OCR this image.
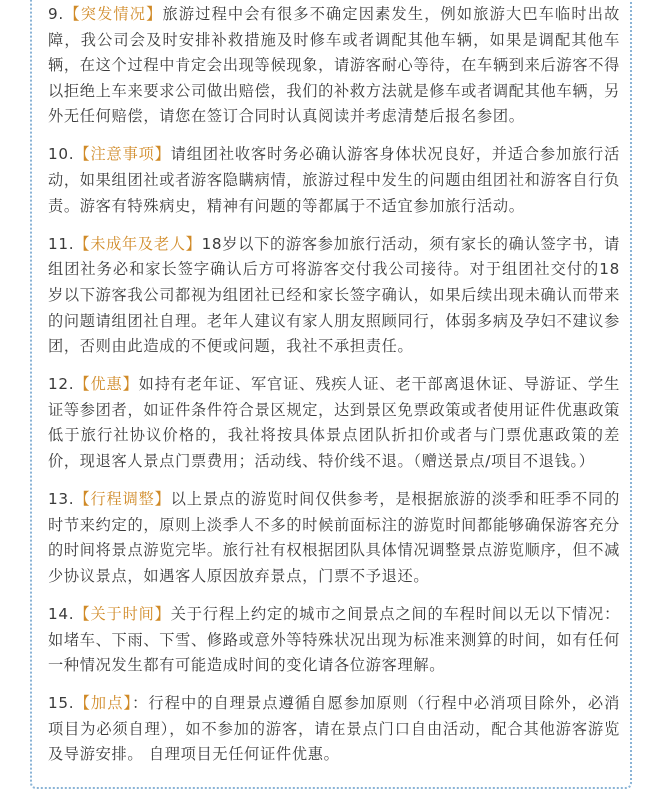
9.【突发情况】旅游过程中会有很多不确定因素发生，例如旅游大巴车临时出故障，我公司会及时安排补救措施及时修车或者调配其他车辆，如果是调配其他车辆，在这个过程中肯定会出现等候现象，请游客耐心等待，在车辆到来后游客不得以拒绝上车来要求公司做出赔偿，我们的补救方法就是修车或者调配其他车辆，另外无任何赔偿，请您在签订合同时认真阅读并考虑清楚后报名参团。

10.【注意事项】请组团社收客时务必确认游客身体状况良好，并适合参加旅行活动，如果组团社或者游客隐瞒病情，旅游过程中发生的问题由组团社和游客自行负责。游客有特殊病史，精神有问题的等都属于不适宜参加旅行活动。

11.【未成年及老人】18岁以下的游客参加旅行活动，须有家长的确认签字书，请组团社务必和家长签字确认后方可将游客交付我公司接待。对于组团社交付的18岁以下游客我公司都视为组团社已经和家长签字确认，如果后续出现未确认而带来的问题请组团社自理。老年人建议有家人朋友照顾同行，体弱多病及孕妇不建议参团，否则由此造成的不便或问题，我社不承担责任。

12.【优惠】如持有老年证、军官证、残疾人证、老干部离退休证、导游证、学生证等参团者，如证件条件符合景区规定，达到景区免票政策或者使用证件优惠政策低于旅行社协议价格的，我社将按具体景点团队折扣价或者与门票优惠政策的差价，现退客人景点门票费用；活动线、特价线不退。（赠送景点/项目不退钱。）

13.【行程调整】以上景点的游览时间仅供参考，是根据旅游的淡季和旺季不同的时节来约定的，原则上淡季人不多的时候前面标注的游览时间都能够确保游客充分的时间将景点游览完毕。旅行社有权根据团队具体情况调整景点游览顺序，但不减少协议景点，如遇客人原因放弃景点，门票不予退还。

14.【关于时间】关于行程上约定的城市之间景点之间的车程时间以无以下情况：如堵车、下雨、下雪、修路或意外等特殊状况出现为标准来测算的时间，如有任何一种情况发生都有可能造成时间的变化请各位游客理解。

15.【加点】：行程中的自理景点遵循自愿参加原则（行程中必消项目除外，必消项目为必须自理），如不参加的游客，请在景点门口自由活动，配合其他游客游览及导游安排。 自理项目无任何证件优惠。
